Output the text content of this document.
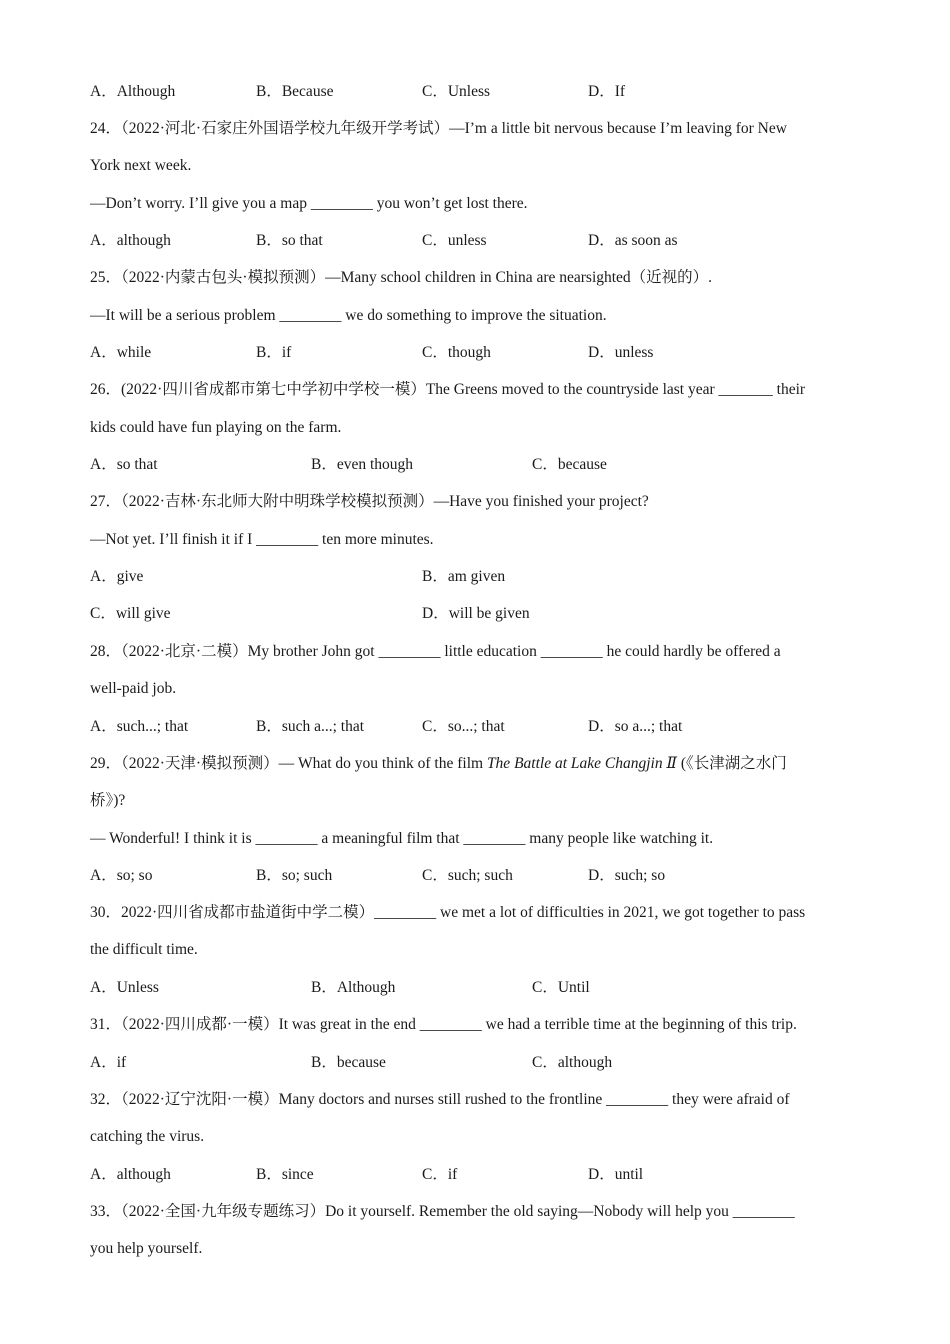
A．Although	B．Because	C．Unless	D．If
24．（2022·河北·石家庄外国语学校九年级开学考试）—I’m a little bit nervous because I’m leaving for New
York next week.
—Don’t worry. I’ll give you a map ________ you won’t get lost there.
A．although	B．so that	C．unless	D．as soon as
25．（2022·内蒙古包头·模拟预测）—Many school children in China are nearsighted（近视的）.
—It will be a serious problem ________ we do something to improve the situation.
A．while	B．if	C．though	D．unless
26．(2022·四川省成都市第七中学初中学校一模）The Greens moved to the countryside last year _______ their
kids could have fun playing on the farm.
A．so that	B．even though	C．because
27．（2022·吉林·东北师大附中明珠学校模拟预测）—Have you finished your project?
—Not yet. I’ll finish it if I ________ ten more minutes.
A．give	B．am given
C．will give	D．will be given
28．（2022·北京·二模）My brother John got ________ little education ________ he could hardly be offered a
well-paid job.
A．such...; that	B．such a...; that	C．so...; that	D．so a...; that
29．（2022·天津·模拟预测）— What do you think of the film The Battle at Lake Changjin Ⅱ (《长津湖之水门
桥》)?
— Wonderful! I think it is ________ a meaningful film that ________ many people like watching it.
A．so; so	B．so; such	C．such; such	D．such; so
30．2022·四川省成都市盐道街中学二模）________ we met a lot of difficulties in 2021, we got together to pass
the difficult time.
A．Unless	B．Although	C．Until
31．（2022·四川成都·一模）It was great in the end ________ we had a terrible time at the beginning of this trip.
A．if	B．because	C．although
32．（2022·辽宁沈阳·一模）Many doctors and nurses still rushed to the frontline ________ they were afraid of
catching the virus.
A．although	B．since	C．if	D．until
33．（2022·全国·九年级专题练习）Do it yourself. Remember the old saying—Nobody will help you ________
you help yourself.
